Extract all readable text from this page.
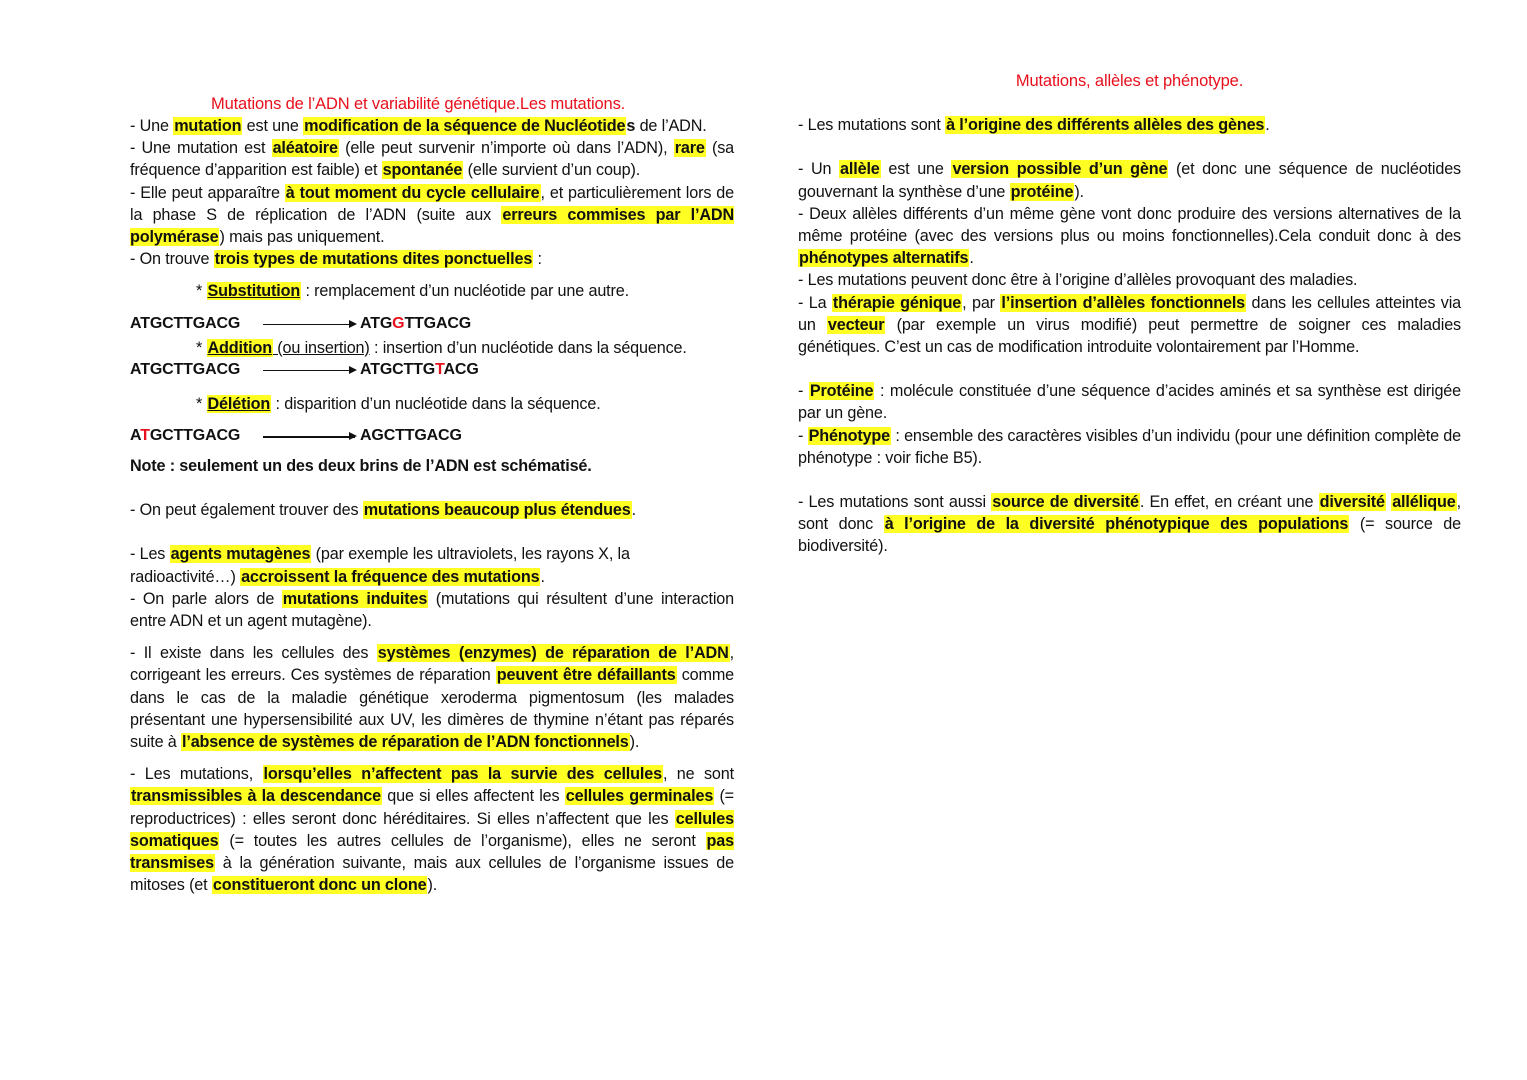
Mutations de l’ADN et variabilité génétique.Les mutations.

- Une mutation est une modification de la séquence de Nucléotides de l’ADN.

- Une mutation est aléatoire (elle peut survenir n’importe où dans l’ADN), rare (sa fréquence d’apparition est faible) et spontanée (elle survient d’un coup).

- Elle peut apparaître à tout moment du cycle cellulaire, et particulièrement lors de la phase S de réplication de l’ADN (suite aux erreurs commises par l’ADN polymérase) mais pas uniquement.

- On trouve trois types de mutations dites ponctuelles :

* Substitution : remplacement d’un nucléotide par une autre.
ATGCTTGACG	ATGGTTGACG
* Addition (ou insertion) : insertion d’un nucléotide dans la séquence.
ATGCTTGACG	ATGCTTGTACG
* Délétion : disparition d’un nucléotide dans la séquence.
ATGCTTGACG	AGCTTGACG
Note : seulement un des deux brins de l’ADN est schématisé.

- On peut également trouver des mutations beaucoup plus étendues.

- Les agents mutagènes (par exemple les ultraviolets, les rayons X, la radioactivité…) accroissent la fréquence des mutations.

- On parle alors de mutations induites (mutations qui résultent d’une interaction entre ADN et un agent mutagène).

- Il existe dans les cellules des systèmes (enzymes) de réparation de l’ADN, corrigeant les erreurs. Ces systèmes de réparation peuvent être défaillants comme dans le cas de la maladie génétique xeroderma pigmentosum (les malades présentant une hypersensibilité aux UV, les dimères de thymine n’étant pas réparés suite à l’absence de systèmes de réparation de l’ADN fonctionnels).

- Les mutations, lorsqu’elles n’affectent pas la survie des cellules, ne sont transmissibles à la descendance que si elles affectent les cellules germinales (= reproductrices) : elles seront donc héréditaires. Si elles n’affectent que les cellules somatiques (= toutes les autres cellules de l’organisme), elles ne seront pas transmises à la génération suivante, mais aux cellules de l’organisme issues de mitoses (et constitueront donc un clone).

Mutations, allèles et phénotype.

- Les mutations sont à l’origine des différents allèles des gènes.

- Un allèle est une version possible d’un gène (et donc une séquence de nucléotides gouvernant la synthèse d’une protéine).

- Deux allèles différents d’un même gène vont donc produire des versions alternatives de la même protéine (avec des versions plus ou moins fonctionnelles).Cela conduit donc à des phénotypes alternatifs.

- Les mutations peuvent donc être à l’origine d’allèles provoquant des maladies.

- La thérapie génique, par l’insertion d’allèles fonctionnels dans les cellules atteintes via un vecteur (par exemple un virus modifié) peut permettre de soigner ces maladies génétiques. C’est un cas de modification introduite volontairement par l’Homme.

- Protéine : molécule constituée d’une séquence d’acides aminés et sa synthèse est dirigée par un gène.

- Phénotype : ensemble des caractères visibles d’un individu (pour une définition complète de phénotype : voir fiche B5).

- Les mutations sont aussi source de diversité. En effet, en créant une diversité allélique, sont donc à l’origine de la diversité phénotypique des populations (= source de biodiversité).
